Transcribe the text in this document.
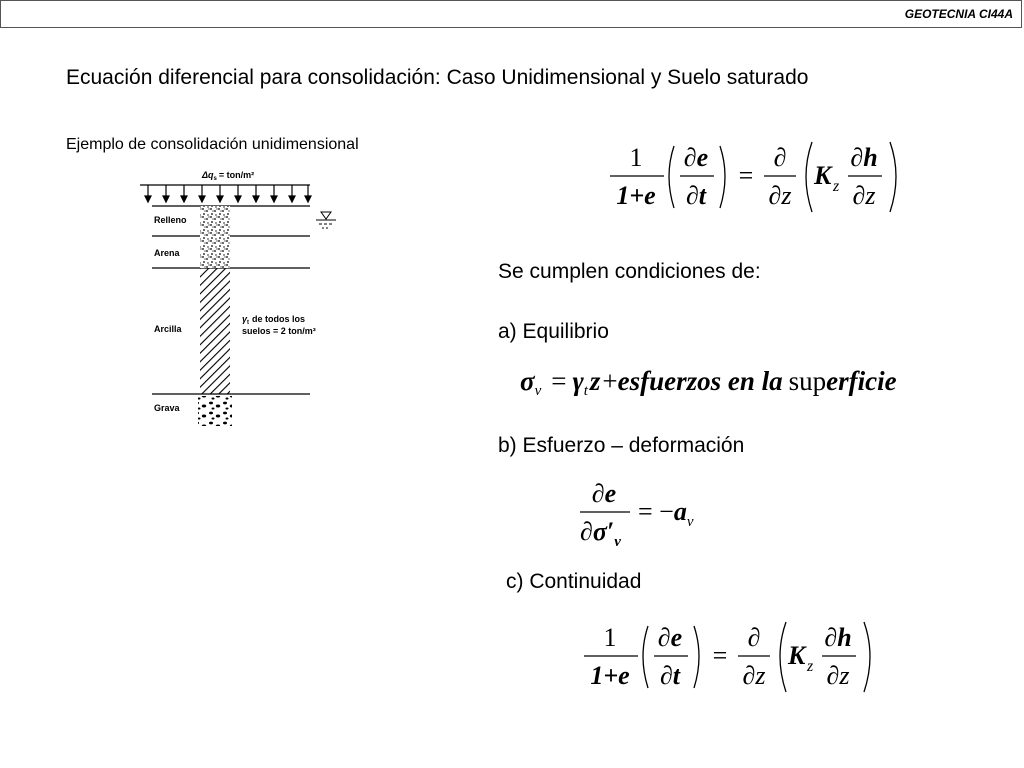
GEOTECNIA CI44A
Ecuación diferencial para consolidación: Caso Unidimensional y Suelo saturado
Ejemplo de consolidación unidimensional
$\Delta q_s = ton/m^2$
Relleno
Arena
Arcilla
Grava
$\gamma_t$ de todos los
suelos = 2 ton/m³
1
1+e
∂e
∂t
=
∂
∂z
K z
∂h
∂z
Se cumplen condiciones de:
a) Equilibrio
σv = γtz+esfuerzos en la superficie
b) Esfuerzo – deformación
∂e
$\partial\sigma'_v$
= $-a_v$
c) Continuidad
1
1+e
∂e
∂t
=
∂
∂z
K z
∂h
∂z
